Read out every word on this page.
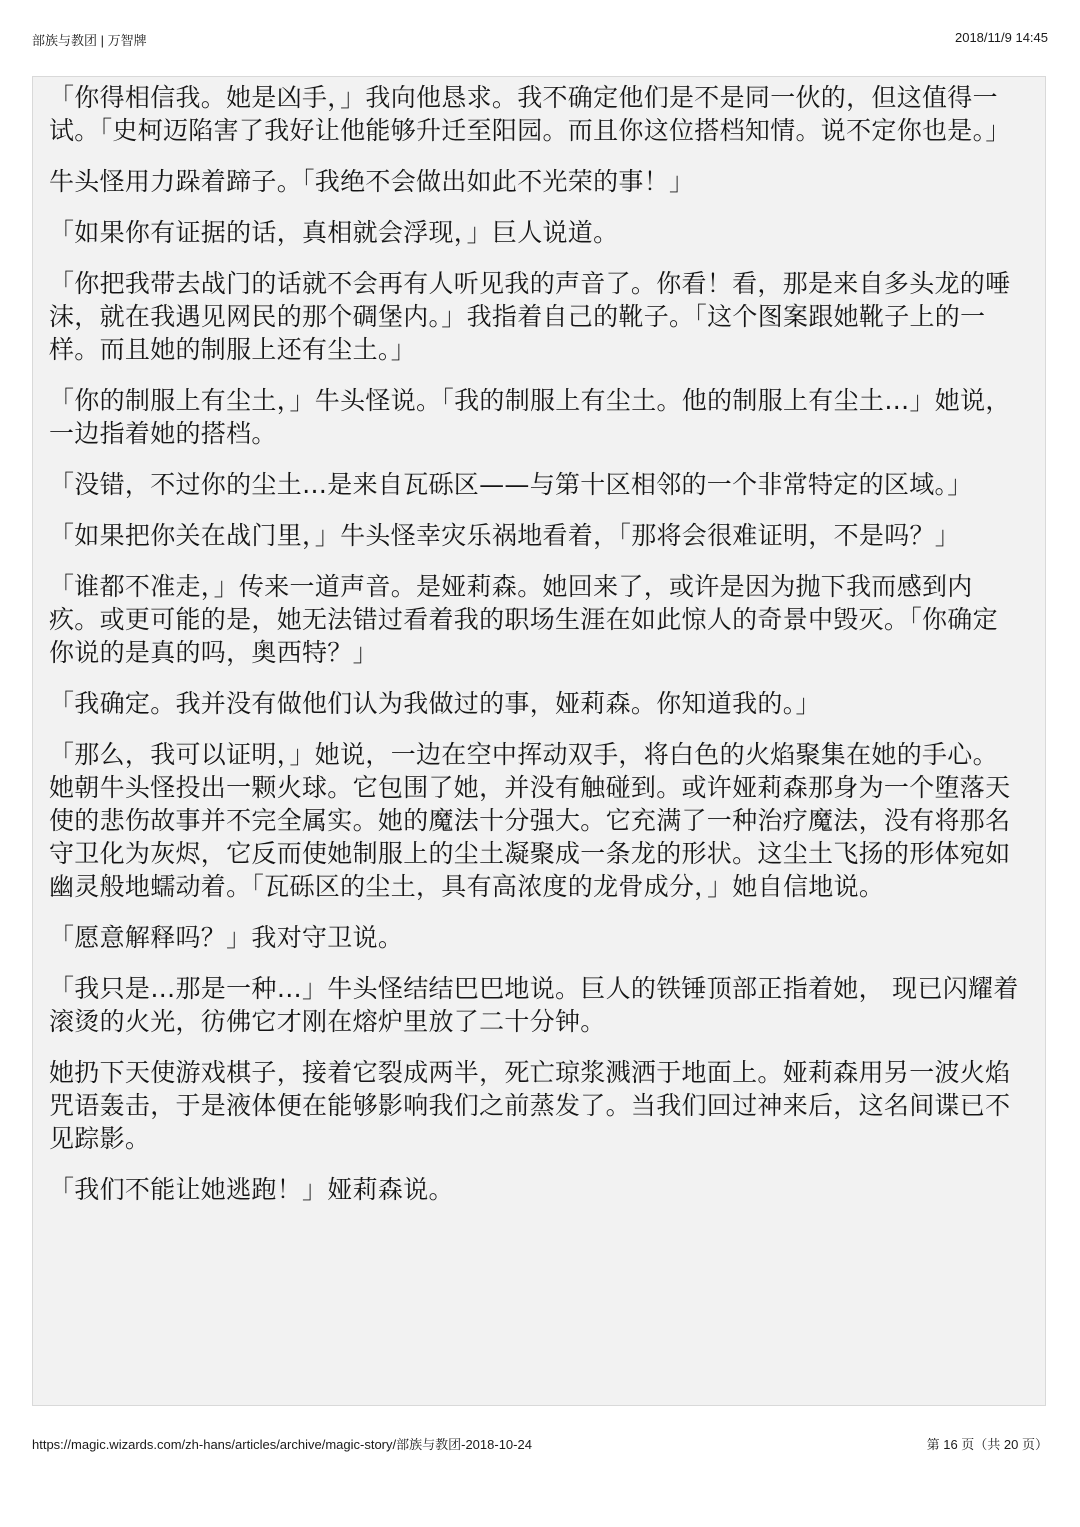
部族与教团 | 万智牌	2018/11/9 14:45

「你得相信我。她是凶手，」我向他恳求。我不确定他们是不是同一伙的，但这值得一试。「史柯迈陷害了我好让他能够升迁至阳园。而且你这位搭档知情。说不定你也是。」

牛头怪用力跺着蹄子。「我绝不会做出如此不光荣的事！」

「如果你有证据的话，真相就会浮现，」巨人说道。

「你把我带去战门的话就不会再有人听见我的声音了。你看！看，那是来自多头龙的唾沫，就在我遇见网民的那个碉堡内。」我指着自己的靴子。「这个图案跟她靴子上的一样。而且她的制服上还有尘土。」

「你的制服上有尘土，」牛头怪说。「我的制服上有尘土。他的制服上有尘土…」她说，一边指着她的搭档。

「没错，不过你的尘土…是来自瓦砾区——与第十区相邻的一个非常特定的区域。」

「如果把你关在战门里，」牛头怪幸灾乐祸地看着，「那将会很难证明，不是吗？」

「谁都不准走，」传来一道声音。是娅莉森。她回来了，或许是因为抛下我而感到内疚。或更可能的是，她无法错过看着我的职场生涯在如此惊人的奇景中毁灭。「你确定你说的是真的吗，奥西特？」

「我确定。我并没有做他们认为我做过的事，娅莉森。你知道我的。」

「那么，我可以证明，」她说，一边在空中挥动双手，将白色的火焰聚集在她的手心。她朝牛头怪投出一颗火球。它包围了她，并没有触碰到。或许娅莉森那身为一个堕落天使的悲伤故事并不完全属实。她的魔法十分强大。它充满了一种治疗魔法，没有将那名守卫化为灰烬，它反而使她制服上的尘土凝聚成一条龙的形状。这尘土飞扬的形体宛如幽灵般地蠕动着。「瓦砾区的尘土，具有高浓度的龙骨成分，」她自信地说。

「愿意解释吗？」我对守卫说。

「我只是…那是一种…」牛头怪结结巴巴地说。巨人的铁锤顶部正指着她， 现已闪耀着滚烫的火光，彷佛它才刚在熔炉里放了二十分钟。

她扔下天使游戏棋子，接着它裂成两半，死亡琼浆溅洒于地面上。娅莉森用另一波火焰咒语轰击，于是液体便在能够影响我们之前蒸发了。当我们回过神来后，这名间谍已不见踪影。

「我们不能让她逃跑！」娅莉森说。

https://magic.wizards.com/zh-hans/articles/archive/magic-story/部族与教团-2018-10-24	第 16 页（共 20 页）
